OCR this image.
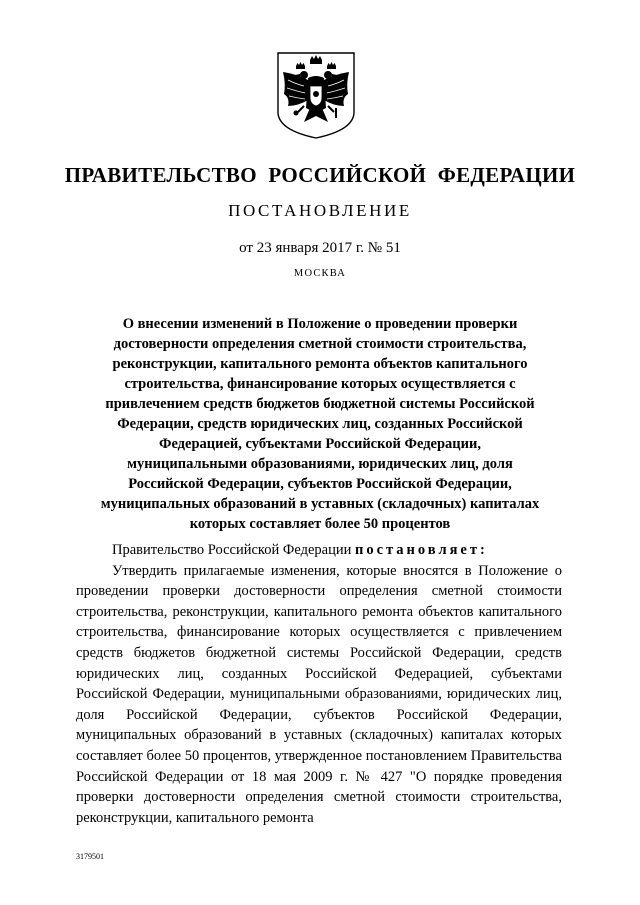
ПРАВИТЕЛЬСТВО РОССИЙСКОЙ ФЕДЕРАЦИИ
ПОСТАНОВЛЕНИЕ
от 23 января 2017 г. № 51
МОСКВА
О внесении изменений в Положение о проведении проверки достоверности определения сметной стоимости строительства, реконструкции, капитального ремонта объектов капитального строительства, финансирование которых осуществляется с привлечением средств бюджетов бюджетной системы Российской Федерации, средств юридических лиц, созданных Российской Федерацией, субъектами Российской Федерации, муниципальными образованиями, юридических лиц, доля Российской Федерации, субъектов Российской Федерации, муниципальных образований в уставных (складочных) капиталах которых составляет более 50 процентов

Правительство Российской Федерации постановляет:

Утвердить прилагаемые изменения, которые вносятся в Положение о проведении проверки достоверности определения сметной стоимости строительства, реконструкции, капитального ремонта объектов капитального строительства, финансирование которых осуществляется с привлечением средств бюджетов бюджетной системы Российской Федерации, средств юридических лиц, созданных Российской Федерацией, субъектами Российской Федерации, муниципальными образованиями, юридических лиц, доля Российской Федерации, субъектов Российской Федерации, муниципальных образований в уставных (складочных) капиталах которых составляет более 50 процентов, утвержденное постановлением Правительства Российской Федерации от 18 мая 2009 г. № 427 "О порядке проведения проверки достоверности определения сметной стоимости строительства, реконструкции, капитального ремонта

3179501
